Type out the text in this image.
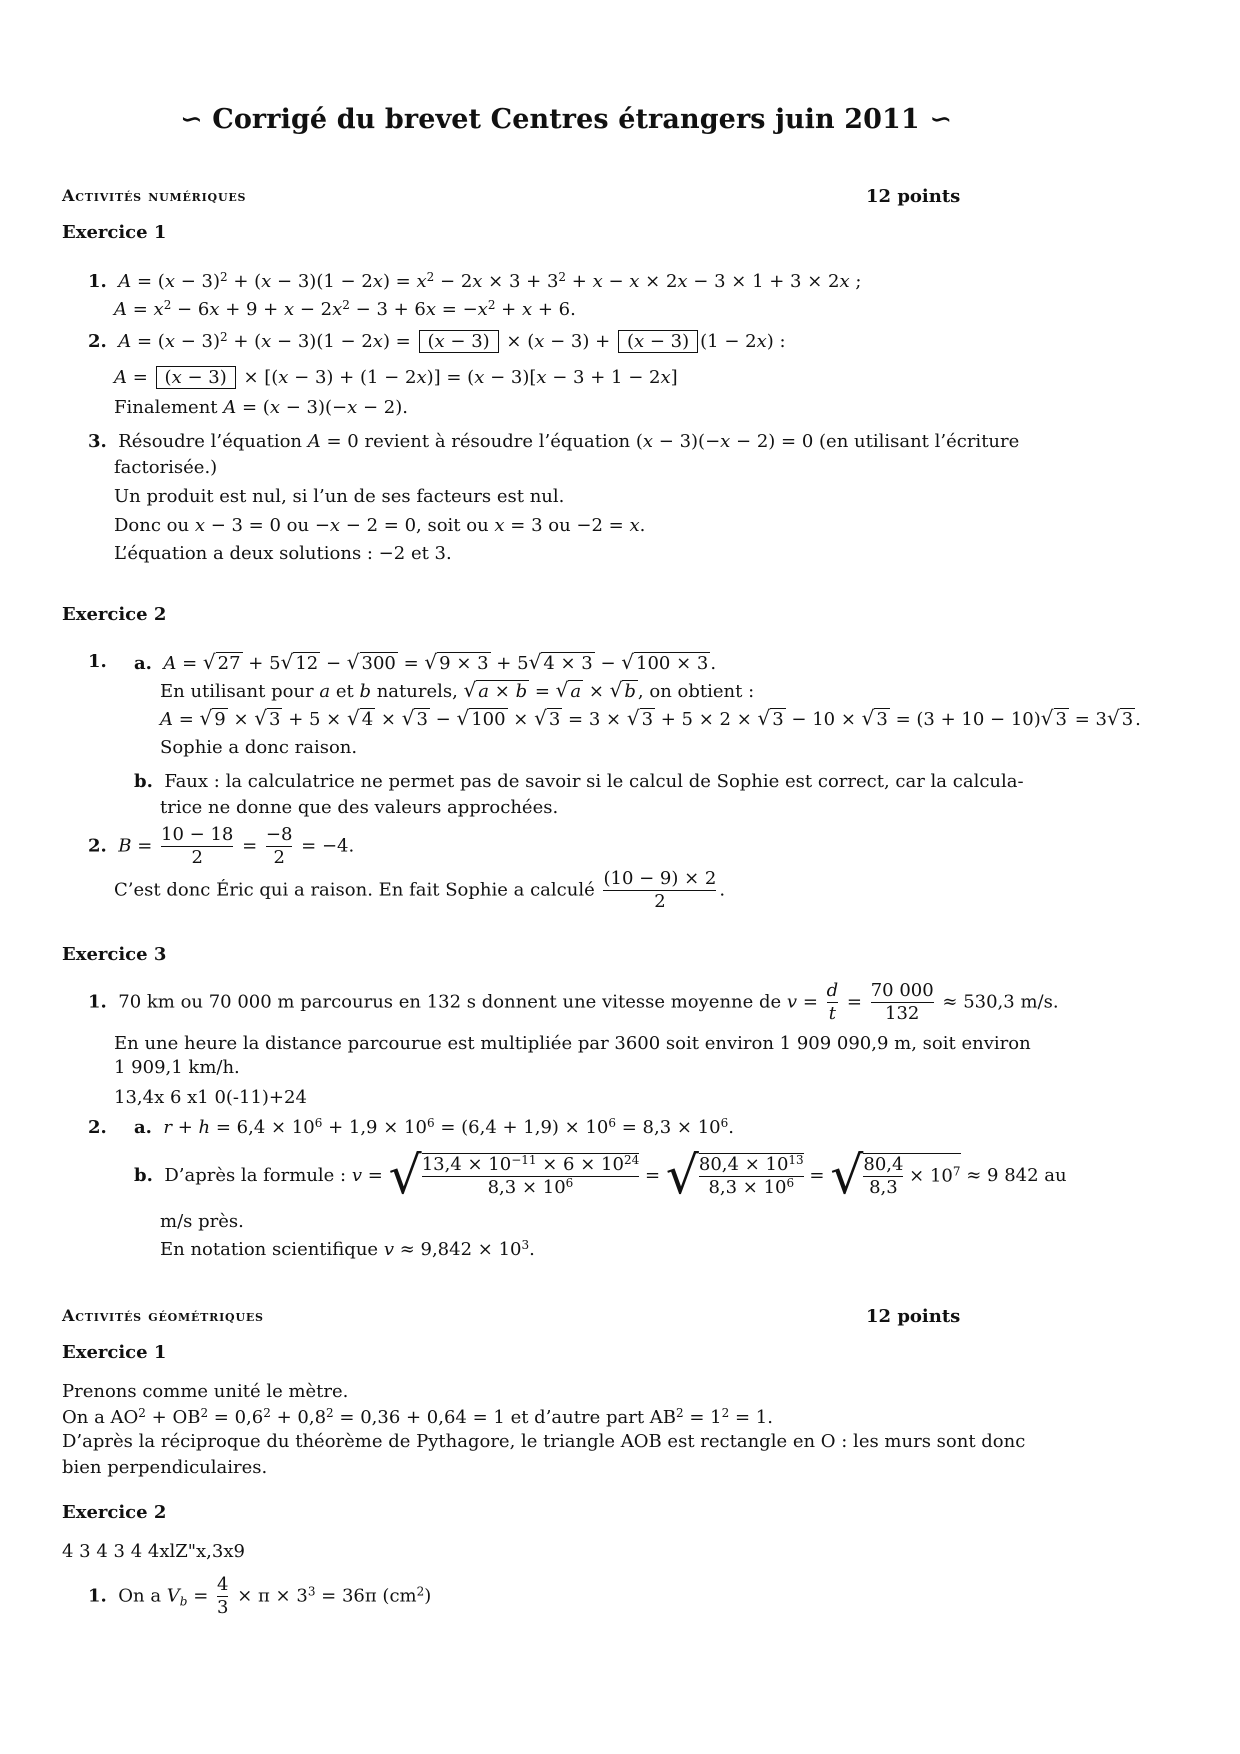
∽ Corrigé du brevet Centres étrangers juin 2011 ∽
Activités numériques	12 points
Exercice 1
1. $A = (x - 3)^2 + (x - 3)(1 - 2x) = x^2 - 2x \times 3 + 3^2 + x - x \times 2x - 3 \times 1 + 3 \times 2x$ ;
$A = x^2 - 6x + 9 + x - 2x^2 - 3 + 6x = -x^2 + x + 6$.
2. $A = (x - 3)^2 + (x - 3)(1 - 2x) = (x - 3) \times (x - 3) + (x - 3)$ (1 − 2x) :
A = (x − 3) × [(x − 3) + (1 − 2x)] = (x − 3)[x − 3 + 1 − 2x]
Finalement A = (x − 3)(−x − 2).
3. Résoudre l’équation A = 0 revient à résoudre l’équation (x − 3)(−x − 2) = 0 (en utilisant l’écriture
factorisée.)
Un produit est nul, si l’un de ses facteurs est nul.
Donc ou x − 3 = 0 ou −x − 2 = 0, soit ou x = 3 ou −2 = x.
L’équation a deux solutions : −2 et 3.
Exercice 2
1. a. A = √ 27 + 5√ 12 − √ 300 = √ 9 × 3 + 5√ 4 × 3 − √ 100 × 3 .
En utilisant pour a et b naturels, √ a × b = √ a × √ b , on obtient :
A = √ 9 × √ 3 + 5 × √ 4 × √ 3 − √ 100 × √ 3 = 3 × √ 3 + 5 × 2 × √ 3 − 10 × √ 3 = (3 + 10 − 10)√ 3 = 3√ 3 .
Sophie a donc raison.
b. Faux : la calculatrice ne permet pas de savoir si le calcul de Sophie est correct, car la calcula-
trice ne donne que des valeurs approchées.
2. $B = \frac{10 - 18}{2} = \frac{-8}{2} = -4$.
C’est donc Éric qui a raison. En fait Sophie a calculé $\frac{(10 - 9) \times 2}{2}$ .
Exercice 3
1. 70 km ou 70 000 m parcourus en 132 s donnent une vitesse moyenne de $v = \frac{d}{t} = \frac{70 000}{132} \approx 530,3$ m/s.
En une heure la distance parcourue est multipliée par 3600 soit environ 1 909 090,9 m, soit environ
1 909,1 km/h.
13,4x 6 x1 0(-11)+24
2. a. $r + h = 6,4 \times 10^6 + 1,9 \times 10^6 = (6,4 + 1,9) \times 10^6 = 8,3 \times 10^6$.
b. D’après la formule : v = √ $\frac{13,4 \times 10^{-11} \times 6 \times 10^{24}}{8,3 \times 10^6}$ = √ $\frac{80,4 \times 10^{13}}{8,3 \times 10^6}$ = √ $\frac{80,4}{8,3} \times 10^7 \approx 9$ 842 au
m/s près.
En notation scientifique $v \approx 9,842 \times 10^3$.
Activités géométriques	12 points
Exercice 1
Prenons comme unité le mètre.
On a $AO^2 + OB^2 = 0,6^2 + 0,8^2 = 0,36 + 0,64 = 1$ et d’autre part $AB^2 = 1^2 = 1$.
D’après la réciproque du théorème de Pythagore, le triangle AOB est rectangle en O : les murs sont donc
bien perpendiculaires.
Exercice 2
4 3 4 3 4 4xlZ"x,3x9
1. On a $V_b = \frac{4}{3} \times \pi \times 3^3 = 36\pi$ $(cm^2)$
